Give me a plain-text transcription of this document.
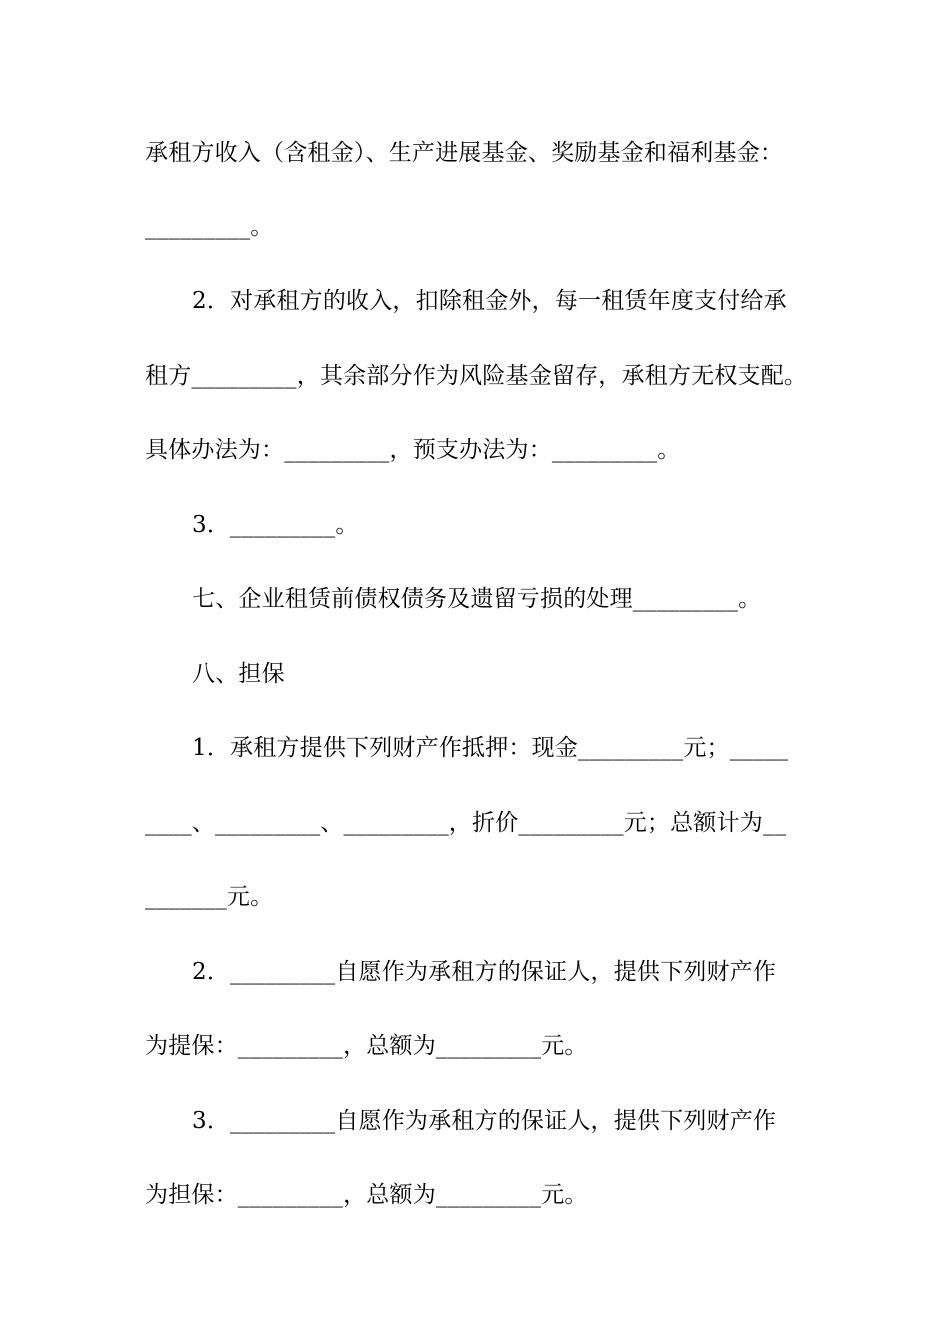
承租方收入（含租金）、生产进展基金、奖励基金和福利基金：
_________。
2．对承租方的收入，扣除租金外，每一租赁年度支付给承
租方_________，其余部分作为风险基金留存，承租方无权支配。
具体办法为：_________，预支办法为：_________。
3．_________。
七、企业租赁前债权债务及遗留亏损的处理_________。
八、担保
1．承租方提供下列财产作抵押：现金_________元；_____
____、_________、_________，折价_________元；总额计为__
_______元。
2．_________自愿作为承租方的保证人，提供下列财产作
为提保：_________，总额为_________元。
3．_________自愿作为承租方的保证人，提供下列财产作
为担保：_________，总额为_________元。
